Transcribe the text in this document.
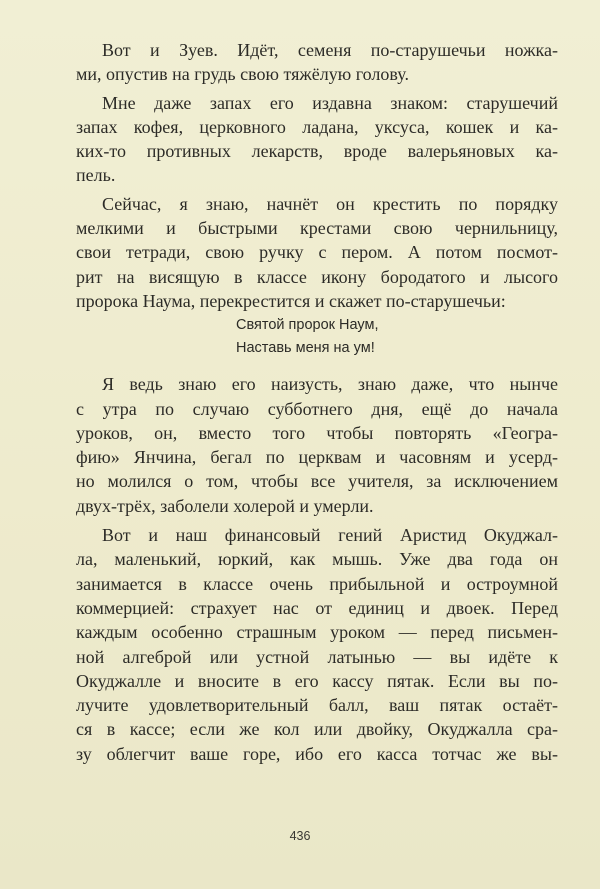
Вот и Зуев. Идёт, семеня по-старушечьи ножка-
ми, опустив на грудь свою тяжёлую голову.

Мне даже запах его издавна знаком: старушечий
запах кофея, церковного ладана, уксуса, кошек и ка-
ких-то противных лекарств, вроде валерьяновых ка-
пель.

Сейчас, я знаю, начнёт он крестить по порядку
мелкими и быстрыми крестами свою чернильницу,
свои тетради, свою ручку с пером. А потом посмот-
рит на висящую в классе икону бородатого и лысого
пророка Наума, перекрестится и скажет по-старушечьи:

Святой пророк Наум,
Наставь меня на ум!

Я ведь знаю его наизусть, знаю даже, что нынче
с утра по случаю субботнего дня, ещё до начала
уроков, он, вместо того чтобы повторять «Геогра-
фию» Янчина, бегал по церквам и часовням и усерд-
но молился о том, чтобы все учителя, за исключением
двух-трёх, заболели холерой и умерли.

Вот и наш финансовый гений Аристид Окуджал-
ла, маленький, юркий, как мышь. Уже два года он
занимается в классе очень прибыльной и остроумной
коммерцией: страхует нас от единиц и двоек. Перед
каждым особенно страшным уроком — перед письмен-
ной алгеброй или устной латынью — вы идёте к
Окуджалле и вносите в его кассу пятак. Если вы по-
лучите удовлетворительный балл, ваш пятак остаёт-
ся в кассе; если же кол или двойку, Окуджалла сра-
зу облегчит ваше горе, ибо его касса тотчас же вы-

436
